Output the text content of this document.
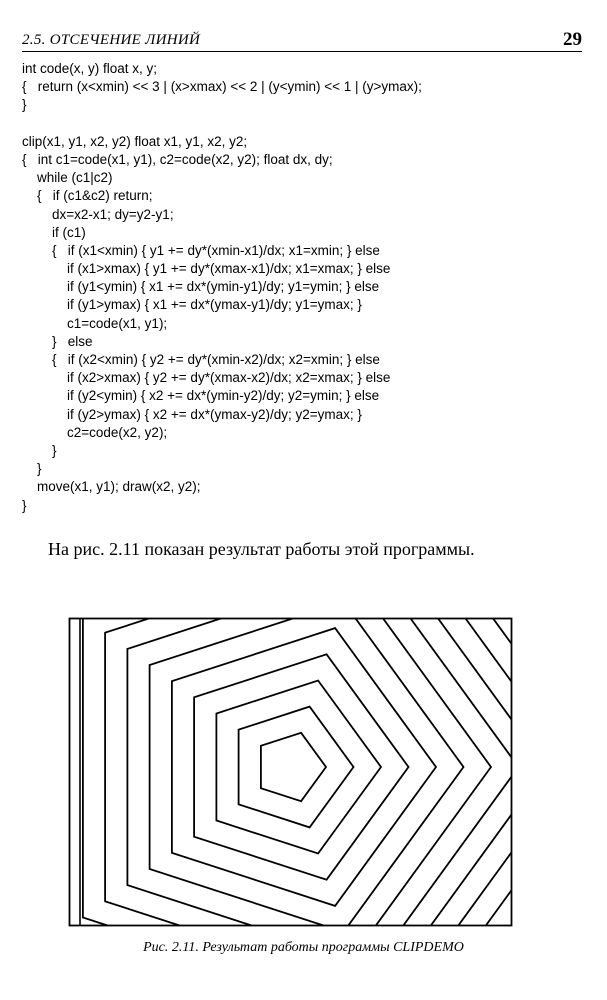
2.5. ОТСЕЧЕНИЕ ЛИНИЙ	29
int code(x, y) float x, y;
{   return (x<xmin) << 3 | (x>xmax) << 2 | (y<ymin) << 1 | (y>ymax);
}
clip(x1, y1, x2, y2) float x1, y1, x2, y2;
{   int c1=code(x1, y1), c2=code(x2, y2); float dx, dy;
while (c1|c2)
{   if (c1&c2) return;
dx=x2-x1; dy=y2-y1;
if (c1)
{   if (x1<xmin) { y1 += dy*(xmin-x1)/dx; x1=xmin; } else
if (x1>xmax) { y1 += dy*(xmax-x1)/dx; x1=xmax; } else
if (y1<ymin) { x1 += dx*(ymin-y1)/dy; y1=ymin; } else
if (y1>ymax) { x1 += dx*(ymax-y1)/dy; y1=ymax; }
c1=code(x1, y1);
}   else
{   if (x2<xmin) { y2 += dy*(xmin-x2)/dx; x2=xmin; } else
if (x2>xmax) { y2 += dy*(xmax-x2)/dx; x2=xmax; } else
if (y2<ymin) { x2 += dx*(ymin-y2)/dy; y2=ymin; } else
if (y2>ymax) { x2 += dx*(ymax-y2)/dy; y2=ymax; }
c2=code(x2, y2);
}
}
move(x1, y1); draw(x2, y2);
}
На рис. 2.11 показан результат работы этой программы.
Рис. 2.11. Результат работы программы CLIPDEMO
